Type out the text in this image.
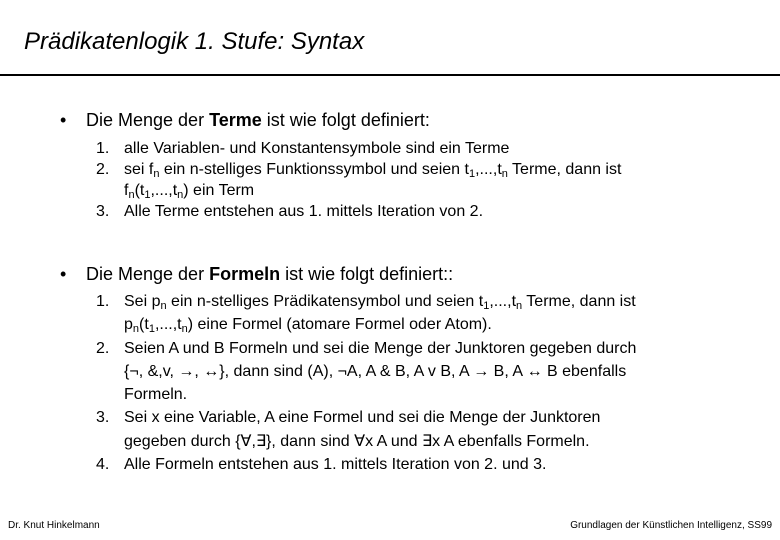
Prädikatenlogik 1. Stufe: Syntax
• Die Menge der Terme ist wie folgt definiert:
1. alle Variablen- und Konstantensymbole sind ein Terme
2. sei $f_n$ ein n-stelliges Funktionssymbol und seien $t_1,...,t_n$ Terme, dann ist
$f_n(t_1,...,t_n)$ ein Term
3. Alle Terme entstehen aus 1. mittels Iteration von 2.
• Die Menge der Formeln ist wie folgt definiert::
1. Sei $p_n$ ein n-stelliges Prädikatensymbol und seien $t_1,...,t_n$ Terme, dann ist
$p_n(t_1,...,t_n)$ eine Formel (atomare Formel oder Atom).
2. Seien A und B Formeln und sei die Menge der Junktoren gegeben durch
{¬, &,v, →, ↔}, dann sind (A), ¬A, A & B, A v B, A → B, A ↔ B ebenfalls
Formeln.
3. Sei x eine Variable, A eine Formel und sei die Menge der Junktoren
gegeben durch {∀,∃}, dann sind ∀x A und ∃x A ebenfalls Formeln.
4. Alle Formeln entstehen aus 1. mittels Iteration von 2. und 3.
Dr. Knut Hinkelmann	Grundlagen der Künstlichen Intelligenz, SS99
